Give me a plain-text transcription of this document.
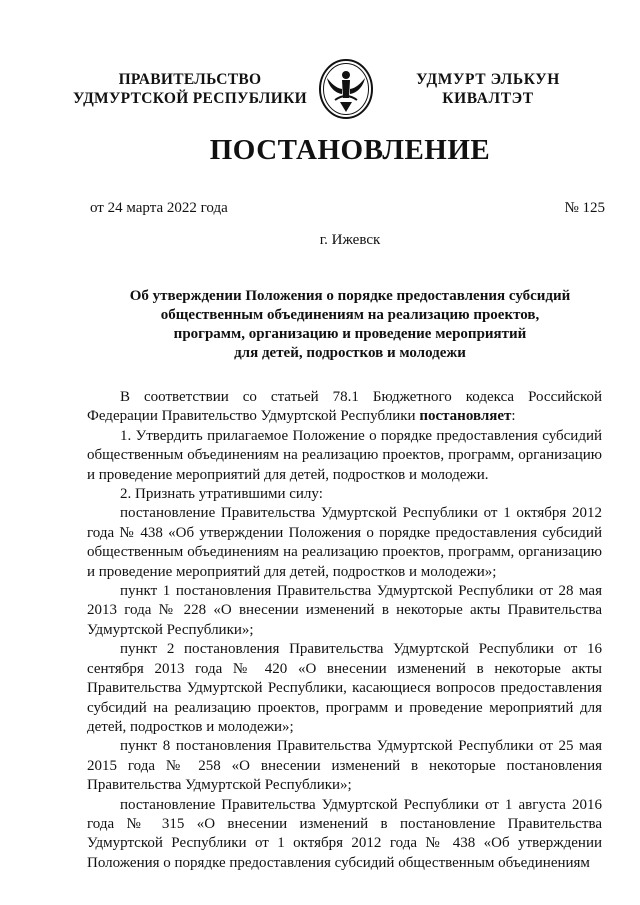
ПРАВИТЕЛЬСТВО
УДМУРТСКОЙ РЕСПУБЛИКИ
УДМУРТ ЭЛЬКУН
КИВАЛТЭТ
ПОСТАНОВЛЕНИЕ
от 24 марта 2022 года	№ 125
г. Ижевск
Об утверждении Положения о порядке предоставления субсидий
общественным объединениям на реализацию проектов,
программ, организацию и проведение мероприятий
для детей, подростков и молодежи

В соответствии со статьей 78.1 Бюджетного кодекса Российской Федерации Правительство Удмуртской Республики постановляет:

1. Утвердить прилагаемое Положение о порядке предоставления субсидий общественным объединениям на реализацию проектов, программ, организацию и проведение мероприятий для детей, подростков и молодежи.

2. Признать утратившими силу:

постановление Правительства Удмуртской Республики от 1 октября 2012 года № 438 «Об утверждении Положения о порядке предоставления субсидий общественным объединениям на реализацию проектов, программ, организацию и проведение мероприятий для детей, подростков и молодежи»;

пункт 1 постановления Правительства Удмуртской Республики от 28 мая 2013 года № 228 «О внесении изменений в некоторые акты Правительства Удмуртской Республики»;

пункт 2 постановления Правительства Удмуртской Республики от 16 сентября 2013 года № 420 «О внесении изменений в некоторые акты Правительства Удмуртской Республики, касающиеся вопросов предоставления субсидий на реализацию проектов, программ и проведение мероприятий для детей, подростков и молодежи»;

пункт 8 постановления Правительства Удмуртской Республики от 25 мая 2015 года № 258 «О внесении изменений в некоторые постановления Правительства Удмуртской Республики»;

постановление Правительства Удмуртской Республики от 1 августа 2016 года № 315 «О внесении изменений в постановление Правительства Удмуртской Республики от 1 октября 2012 года № 438 «Об утверждении Положения о порядке предоставления субсидий общественным объединениям
